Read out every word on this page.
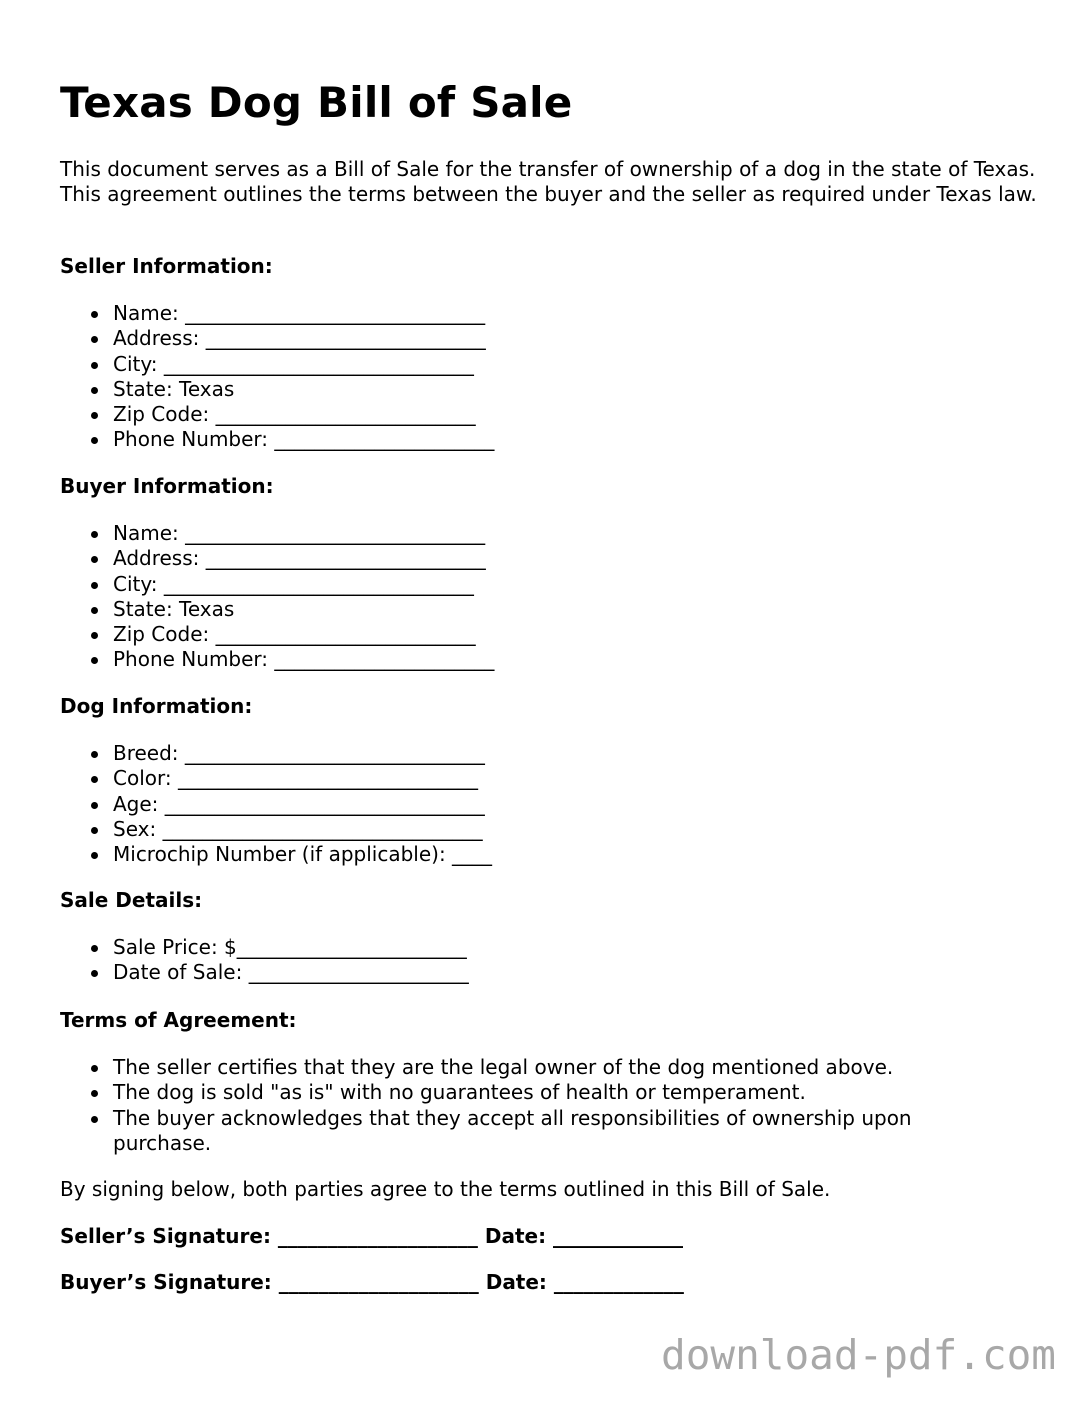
Texas Dog Bill of Sale

This document serves as a Bill of Sale for the transfer of ownership of a dog in the state of Texas. This agreement outlines the terms between the buyer and the seller as required under Texas law.

Seller Information:

Name: ______________________________
Address: ____________________________
City: _______________________________
State: Texas
Zip Code: __________________________
Phone Number: ______________________

Buyer Information:

Name: ______________________________
Address: ____________________________
City: _______________________________
State: Texas
Zip Code: __________________________
Phone Number: ______________________

Dog Information:

Breed: ______________________________
Color: ______________________________
Age: ________________________________
Sex: ________________________________
Microchip Number (if applicable): ____

Sale Details:

Sale Price: $_______________________
Date of Sale: ______________________

Terms of Agreement:

The seller certifies that they are the legal owner of the dog mentioned above.
The dog is sold "as is" with no guarantees of health or temperament.
The buyer acknowledges that they accept all responsibilities of ownership upon purchase.

By signing below, both parties agree to the terms outlined in this Bill of Sale.

Seller’s Signature: ____________________ Date: _____________

Buyer’s Signature: ____________________ Date: _____________

download-pdf.com
